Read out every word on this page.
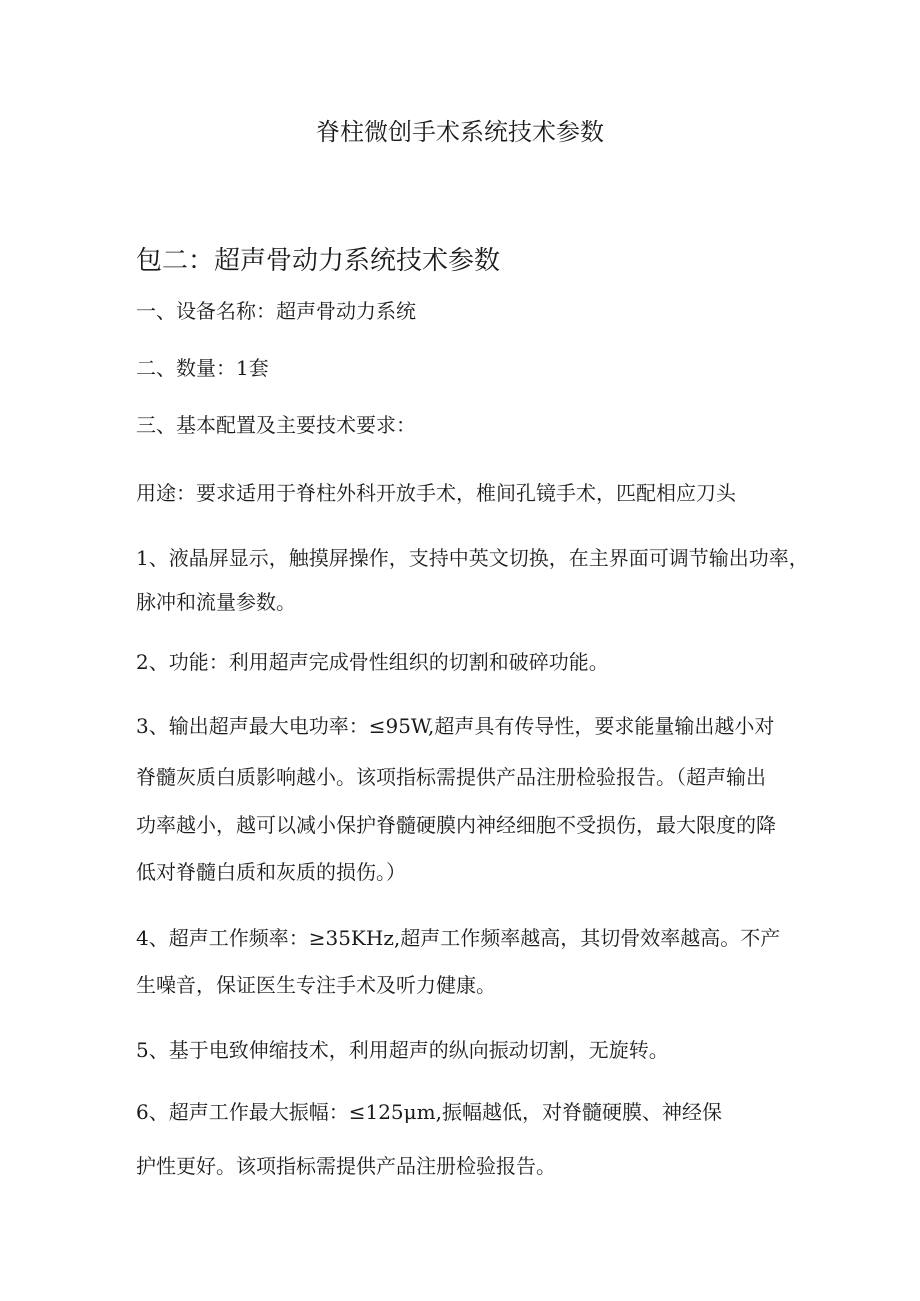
脊柱微创手术系统技术参数
包二：超声骨动力系统技术参数
一、设备名称：超声骨动力系统
二、数量：1套
三、基本配置及主要技术要求：
用途：要求适用于脊柱外科开放手术，椎间孔镜手术，匹配相应刀头
1、液晶屏显示，触摸屏操作，支持中英文切换，在主界面可调节输出功率，
脉冲和流量参数。
2、功能：利用超声完成骨性组织的切割和破碎功能。
3、输出超声最大电功率：≤95W,超声具有传导性，要求能量输出越小对
脊髓灰质白质影响越小。该项指标需提供产品注册检验报告。（超声输出
功率越小，越可以减小保护脊髓硬膜内神经细胞不受损伤，最大限度的降
低对脊髓白质和灰质的损伤。）
4、超声工作频率：≥35KHz,超声工作频率越高，其切骨效率越高。不产
生噪音，保证医生专注手术及听力健康。
5、基于电致伸缩技术，利用超声的纵向振动切割，无旋转。
6、超声工作最大振幅：≤125μm,振幅越低，对脊髓硬膜、神经保
护性更好。该项指标需提供产品注册检验报告。
